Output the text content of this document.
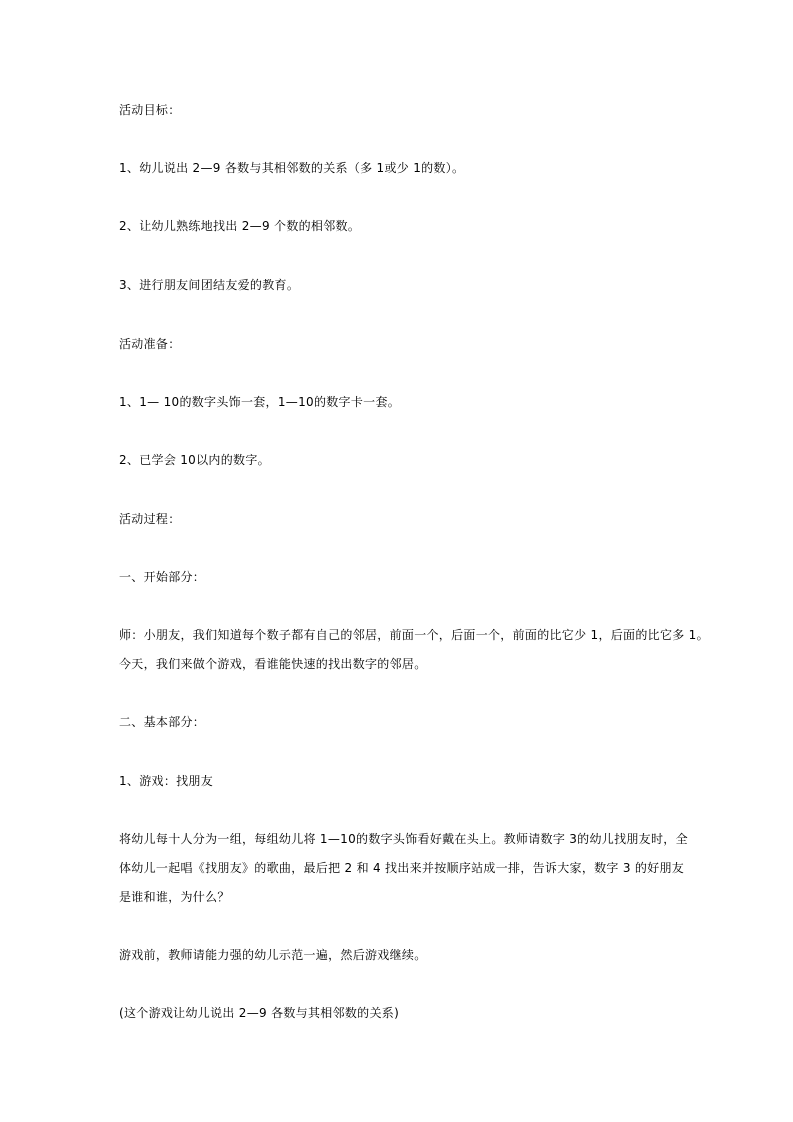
活动目标：
1、幼儿说出 2—9 各数与其相邻数的关系（多 1或少 1的数）。
2、让幼儿熟练地找出 2—9 个数的相邻数。
3、进行朋友间团结友爱的教育。
活动准备：
1、1— 10的数字头饰一套，1—10的数字卡一套。
2、已学会 10以内的数字。
活动过程：
一、开始部分：
师：小朋友，我们知道每个数子都有自己的邻居，前面一个，后面一个，前面的比它少 1，后面的比它多 1。
今天，我们来做个游戏，看谁能快速的找出数字的邻居。
二、基本部分：
1、游戏：找朋友
将幼儿每十人分为一组，每组幼儿将 1—10的数字头饰看好戴在头上。教师请数字 3的幼儿找朋友时，全
体幼儿一起唱《找朋友》的歌曲，最后把 2 和 4 找出来并按顺序站成一排，告诉大家，数字 3 的好朋友
是谁和谁，为什么？
游戏前，教师请能力强的幼儿示范一遍，然后游戏继续。
(这个游戏让幼儿说出 2—9 各数与其相邻数的关系)
